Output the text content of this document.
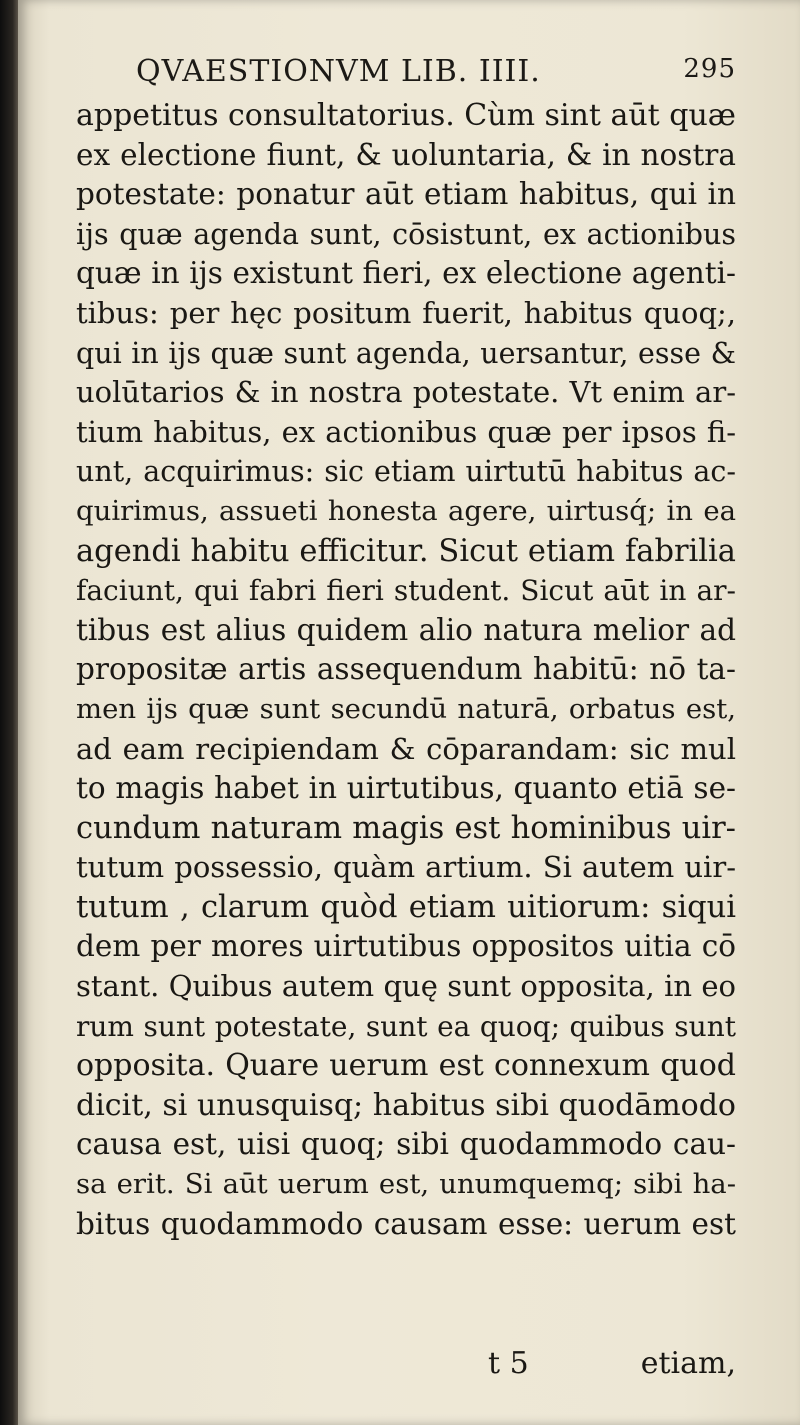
QVAESTIONVM LIB. IIII.	295
appetitus consultatorius. Cùm sint aūt quæ
ex electione fiunt, & uoluntaria, & in nostra
potestate: ponatur aūt etiam habitus, qui in
ijs quæ agenda sunt, cōsistunt, ex actionibus
quæ in ijs existunt fieri, ex electione agenti-
tibus: per hęc positum fuerit, habitus quoq;,
qui in ijs quæ sunt agenda, uersantur, esse &
uolūtarios & in nostra potestate. Vt enim ar-
tium habitus, ex actionibus quæ per ipsos fi-
unt, acquirimus: sic etiam uirtutū habitus ac-
quirimus, assueti honesta agere, uirtusq́; in ea
agendi habitu efficitur. Sicut etiam fabrilia
faciunt, qui fabri fieri student. Sicut aūt in ar-
tibus est alius quidem alio natura melior ad
propositæ artis assequendum habitū: nō ta-
men ijs quæ sunt secundū naturā, orbatus est,
ad eam recipiendam & cōparandam: sic mul
to magis habet in uirtutibus, quanto etiā se-
cundum naturam magis est hominibus uir-
tutum possessio, quàm artium. Si autem uir-
tutum , clarum quòd etiam uitiorum: siqui
dem per mores uirtutibus oppositos uitia cō
stant. Quibus autem quę sunt opposita, in eo
rum sunt potestate, sunt ea quoq; quibus sunt
opposita. Quare uerum est connexum quod
dicit, si unusquisq; habitus sibi quodāmodo
causa est, uisi quoq; sibi quodammodo cau-
sa erit. Si aūt uerum est, unumquemq; sibi ha-
bitus quodammodo causam esse: uerum est
t 5	etiam,
